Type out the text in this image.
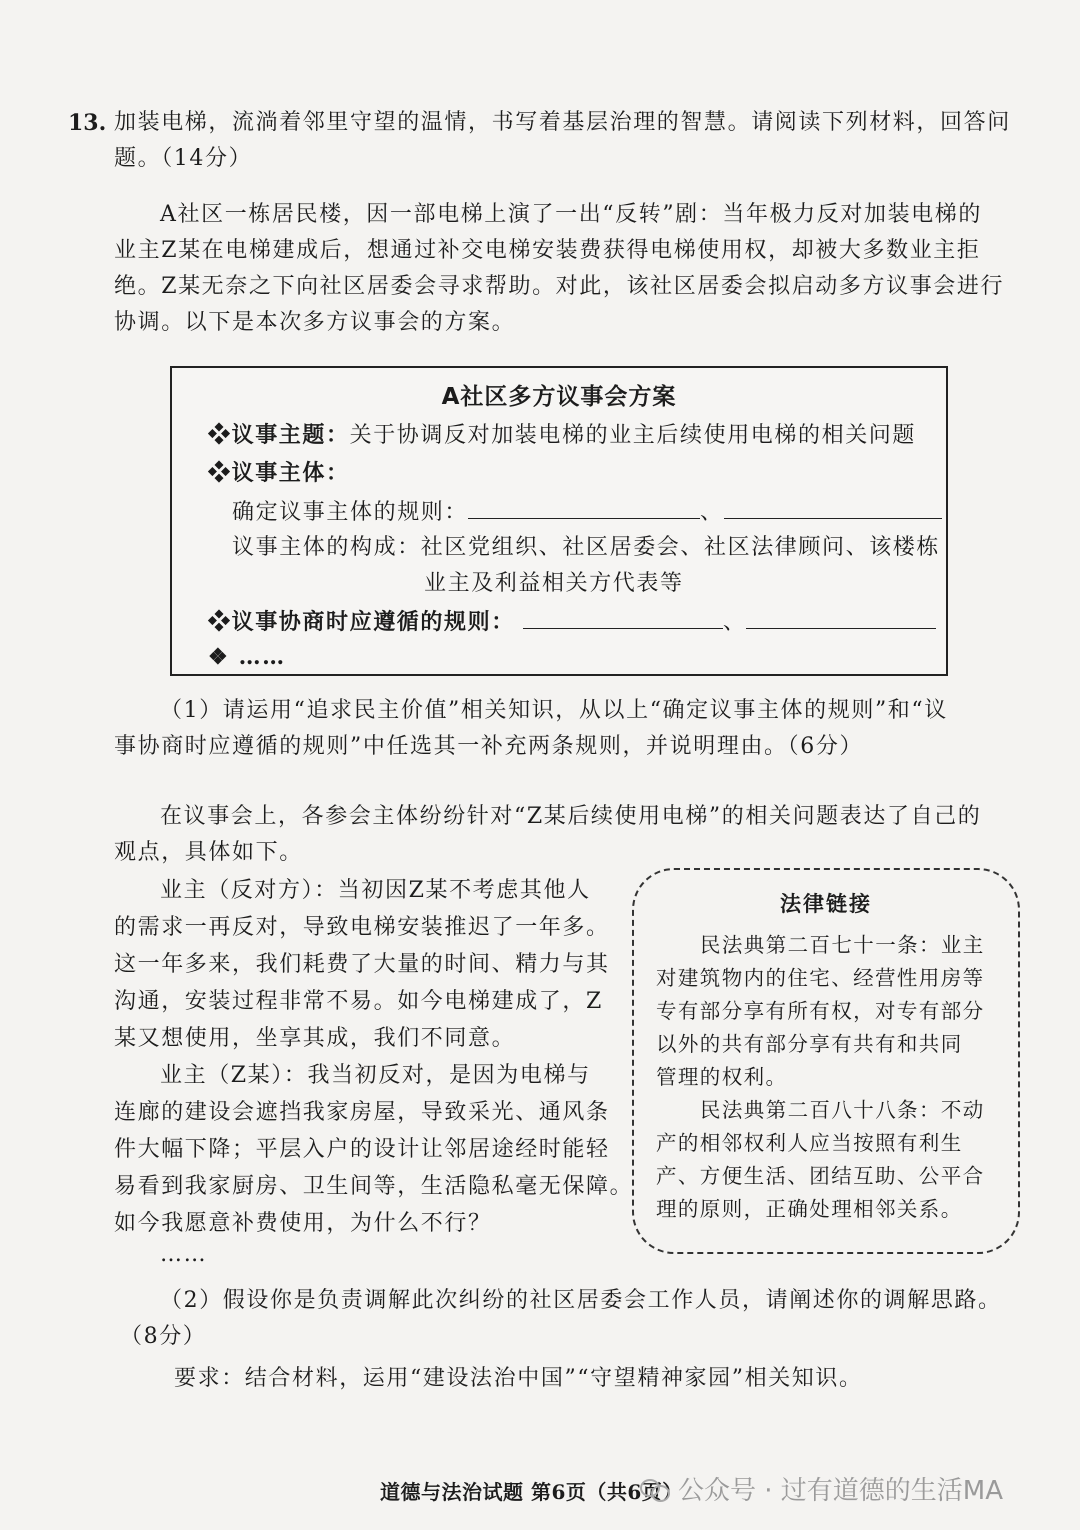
13. 加装电梯，流淌着邻里守望的温情，书写着基层治理的智慧。请阅读下列材料，回答问
题。（14分）
A社区一栋居民楼，因一部电梯上演了一出“反转”剧：当年极力反对加装电梯的
业主Z某在电梯建成后，想通过补交电梯安装费获得电梯使用权，却被大多数业主拒
绝。Z某无奈之下向社区居委会寻求帮助。对此，该社区居委会拟启动多方议事会进行
协调。以下是本次多方议事会的方案。
A社区多方议事会方案
❖议事主题：关于协调反对加装电梯的业主后续使用电梯的相关问题
❖议事主体：
确定议事主体的规则：	、
议事主体的构成：社区党组织、社区居委会、社区法律顾问、该楼栋
业主及利益相关方代表等
❖议事协商时应遵循的规则：	、
❖ ……
（1）请运用“追求民主价值”相关知识，从以上“确定议事主体的规则”和“议
事协商时应遵循的规则”中任选其一补充两条规则，并说明理由。（6分）
在议事会上，各参会主体纷纷针对“Z某后续使用电梯”的相关问题表达了自己的
观点，具体如下。
业主（反对方）：当初因Z某不考虑其他人
的需求一再反对，导致电梯安装推迟了一年多。
这一年多来，我们耗费了大量的时间、精力与其
沟通，安装过程非常不易。如今电梯建成了，Z
某又想使用，坐享其成，我们不同意。
业主（Z某）：我当初反对，是因为电梯与
连廊的建设会遮挡我家房屋，导致采光、通风条
件大幅下降；平层入户的设计让邻居途经时能轻
易看到我家厨房、卫生间等，生活隐私毫无保障。
如今我愿意补费使用，为什么不行？
……
法律链接
民法典第二百七十一条：业主
对建筑物内的住宅、经营性用房等
专有部分享有所有权，对专有部分
以外的共有部分享有共有和共同
管理的权利。
民法典第二百八十八条：不动
产的相邻权利人应当按照有利生
产、方便生活、团结互助、公平合
理的原则，正确处理相邻关系。
（2）假设你是负责调解此次纠纷的社区居委会工作人员，请阐述你的调解思路。
（8分）
要求：结合材料，运用“建设法治中国”“守望精神家园”相关知识。
道德与法治试题 第6页（共6页）
公众号 · 过有道德的生活MA
